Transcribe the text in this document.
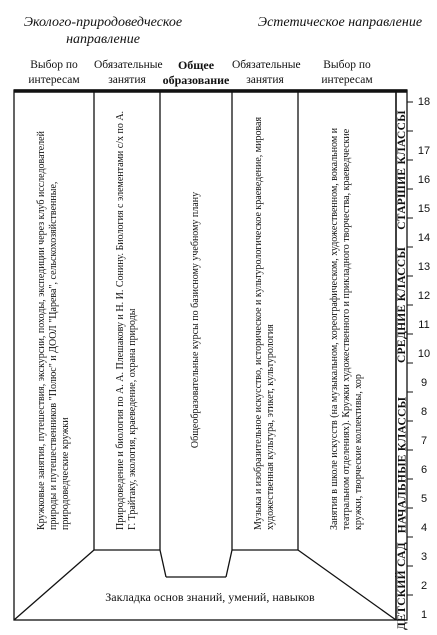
Эколого-природоведческое направление
Эстетическое направление
Выбор по интересам
Обязательные занятия
Общее образование
Обязательные занятия
Выбор по интересам
Кружковые занятия, путешествия, экскурсии, походы, экспедиции через клуб исследователей природы и путешественников "Полюс" и ДООЛ "Царева", сельскохозяйственные, природоведческие кружки	Природоведение и биология по А. А. Плешакову и Н. И. Сонину. Биология с элементами с/х по А. Г. Трайтаку, экология, краеведение, охрана природы	Общеобразовательные курсы по базисному учебному плану	Музыка и изобразительное искусство, историческое и культурологическое краеведение, мировая художественная культура, этикет, культурология	Занятия в школе искусств (на музыкальном, хореографическом, художественном, вокальном и театральном отделениях). Кружки художественного и прикладного творчества, краеведческие кружки, творческие коллективы, хор
Закладка основ знаний, умений, навыков	ДЕТСКИЙ САД
НАЧАЛЬНЫЕ КЛАССЫ
СРЕДНИЕ КЛАССЫ
СТАРШИЕ КЛАССЫ
1
2
3
4
5
6
7
8
9
10
11
12
13
14
15
16
17
18
